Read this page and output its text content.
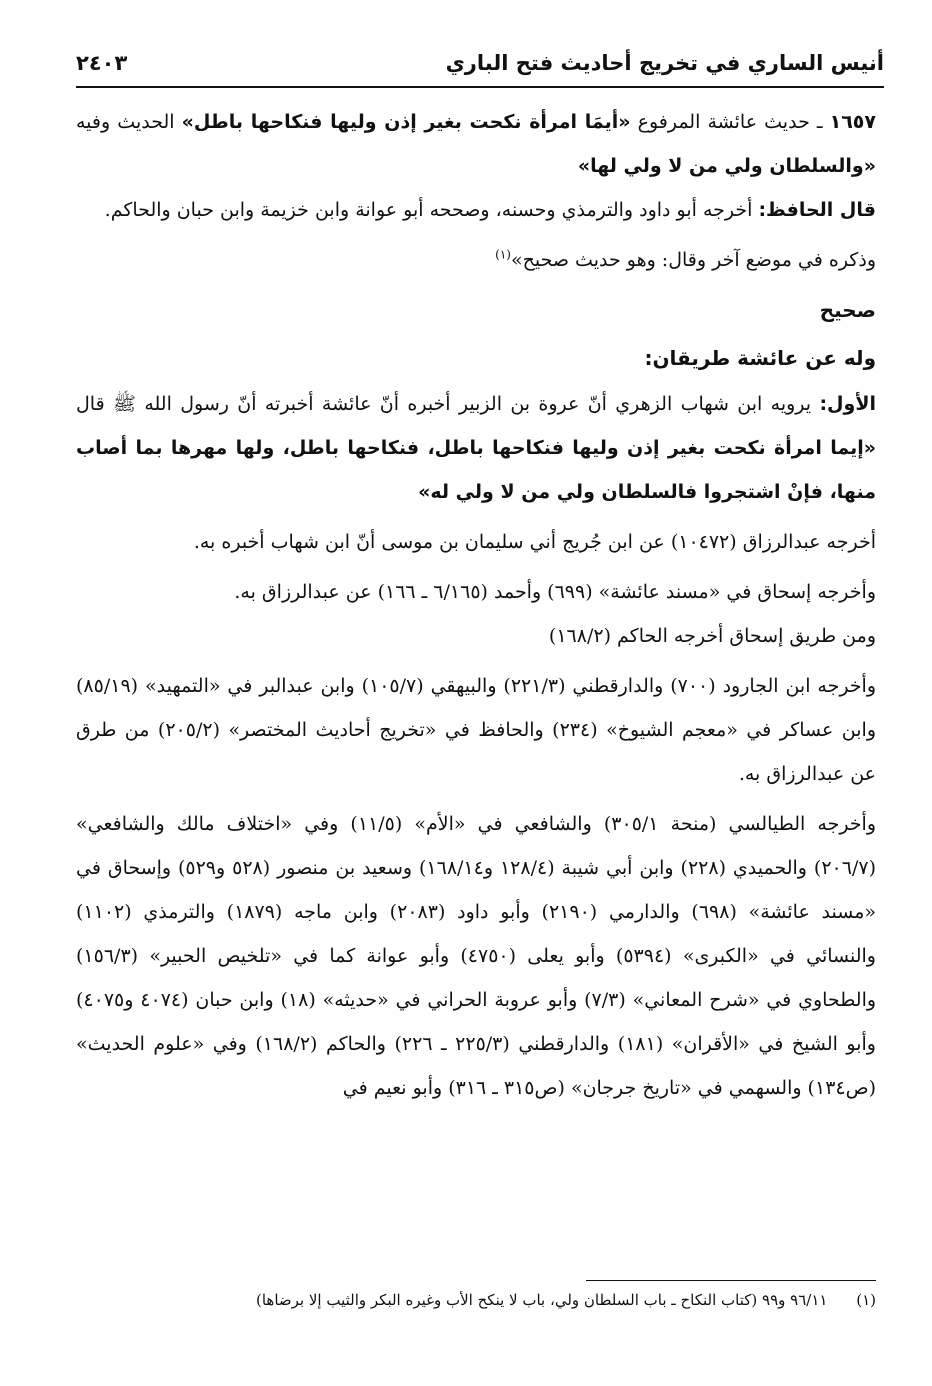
أنيس الساري في تخريج أحاديث فتح الباري
٢٤٠٣

١٦٥٧ ـ حديث عائشة المرفوع «أيمَا امرأة نكحت بغير إذن وليها فنكاحها باطل» الحديث وفيه «والسلطان ولي من لا ولي لها»

قال الحافظ: أخرجه أبو داود والترمذي وحسنه، وصححه أبو عوانة وابن خزيمة وابن حبان والحاكم.

وذكره في موضع آخر وقال: وهو حديث صحيح»$^{(١)}$

صحيح

وله عن عائشة طريقان:

الأول: يرويه ابن شهاب الزهري أنّ عروة بن الزبير أخبره أنّ عائشة أخبرته أنّ رسول الله ﷺ قال «إيما امرأة نكحت بغير إذن وليها فنكاحها باطل، فنكاحها باطل، ولها مهرها بما أصاب منها، فإنْ اشتجروا فالسلطان ولي من لا ولي له»

أخرجه عبدالرزاق (١٠٤٧٢) عن ابن جُريج أني سليمان بن موسى أنّ ابن شهاب أخبره به.

وأخرجه إسحاق في «مسند عائشة» (٦٩٩) وأحمد (٦/١٦٥ ـ ١٦٦) عن عبدالرزاق به.

ومن طريق إسحاق أخرجه الحاكم (١٦٨/٢)

وأخرجه ابن الجارود (٧٠٠) والدارقطني (٢٢١/٣) والبيهقي (١٠٥/٧) وابن عبدالبر في «التمهيد» (٨٥/١٩) وابن عساكر في «معجم الشيوخ» (٢٣٤) والحافظ في «تخريج أحاديث المختصر» (٢٠٥/٢) من طرق عن عبدالرزاق به.

وأخرجه الطيالسي (منحة ٣٠٥/١) والشافعي في «الأم» (١١/٥) وفي «اختلاف مالك والشافعي» (٢٠٦/٧) والحميدي (٢٢٨) وابن أبي شيبة (١٢٨/٤ و١٦٨/١٤) وسعيد بن منصور (٥٢٨ و٥٢٩) وإسحاق في «مسند عائشة» (٦٩٨) والدارمي (٢١٩٠) وأبو داود (٢٠٨٣) وابن ماجه (١٨٧٩) والترمذي (١١٠٢) والنسائي في «الكبرى» (٥٣٩٤) وأبو يعلى (٤٧٥٠) وأبو عوانة كما في «تلخيص الحبير» (١٥٦/٣) والطحاوي في «شرح المعاني» (٧/٣) وأبو عروبة الحراني في «حديثه» (١٨) وابن حبان (٤٠٧٤ و٤٠٧٥) وأبو الشيخ في «الأقران» (١٨١) والدارقطني (٢٢٥/٣ ـ ٢٢٦) والحاكم (١٦٨/٢) وفي «علوم الحديث» (ص١٣٤) والسهمي في «تاريخ جرجان» (ص٣١٥ ـ ٣١٦) وأبو نعيم في

(١) ٩٦/١١ و٩٩ (كتاب النكاح ـ باب السلطان ولي، باب لا ينكح الأب وغيره البكر والثيب إلا برضاها)
